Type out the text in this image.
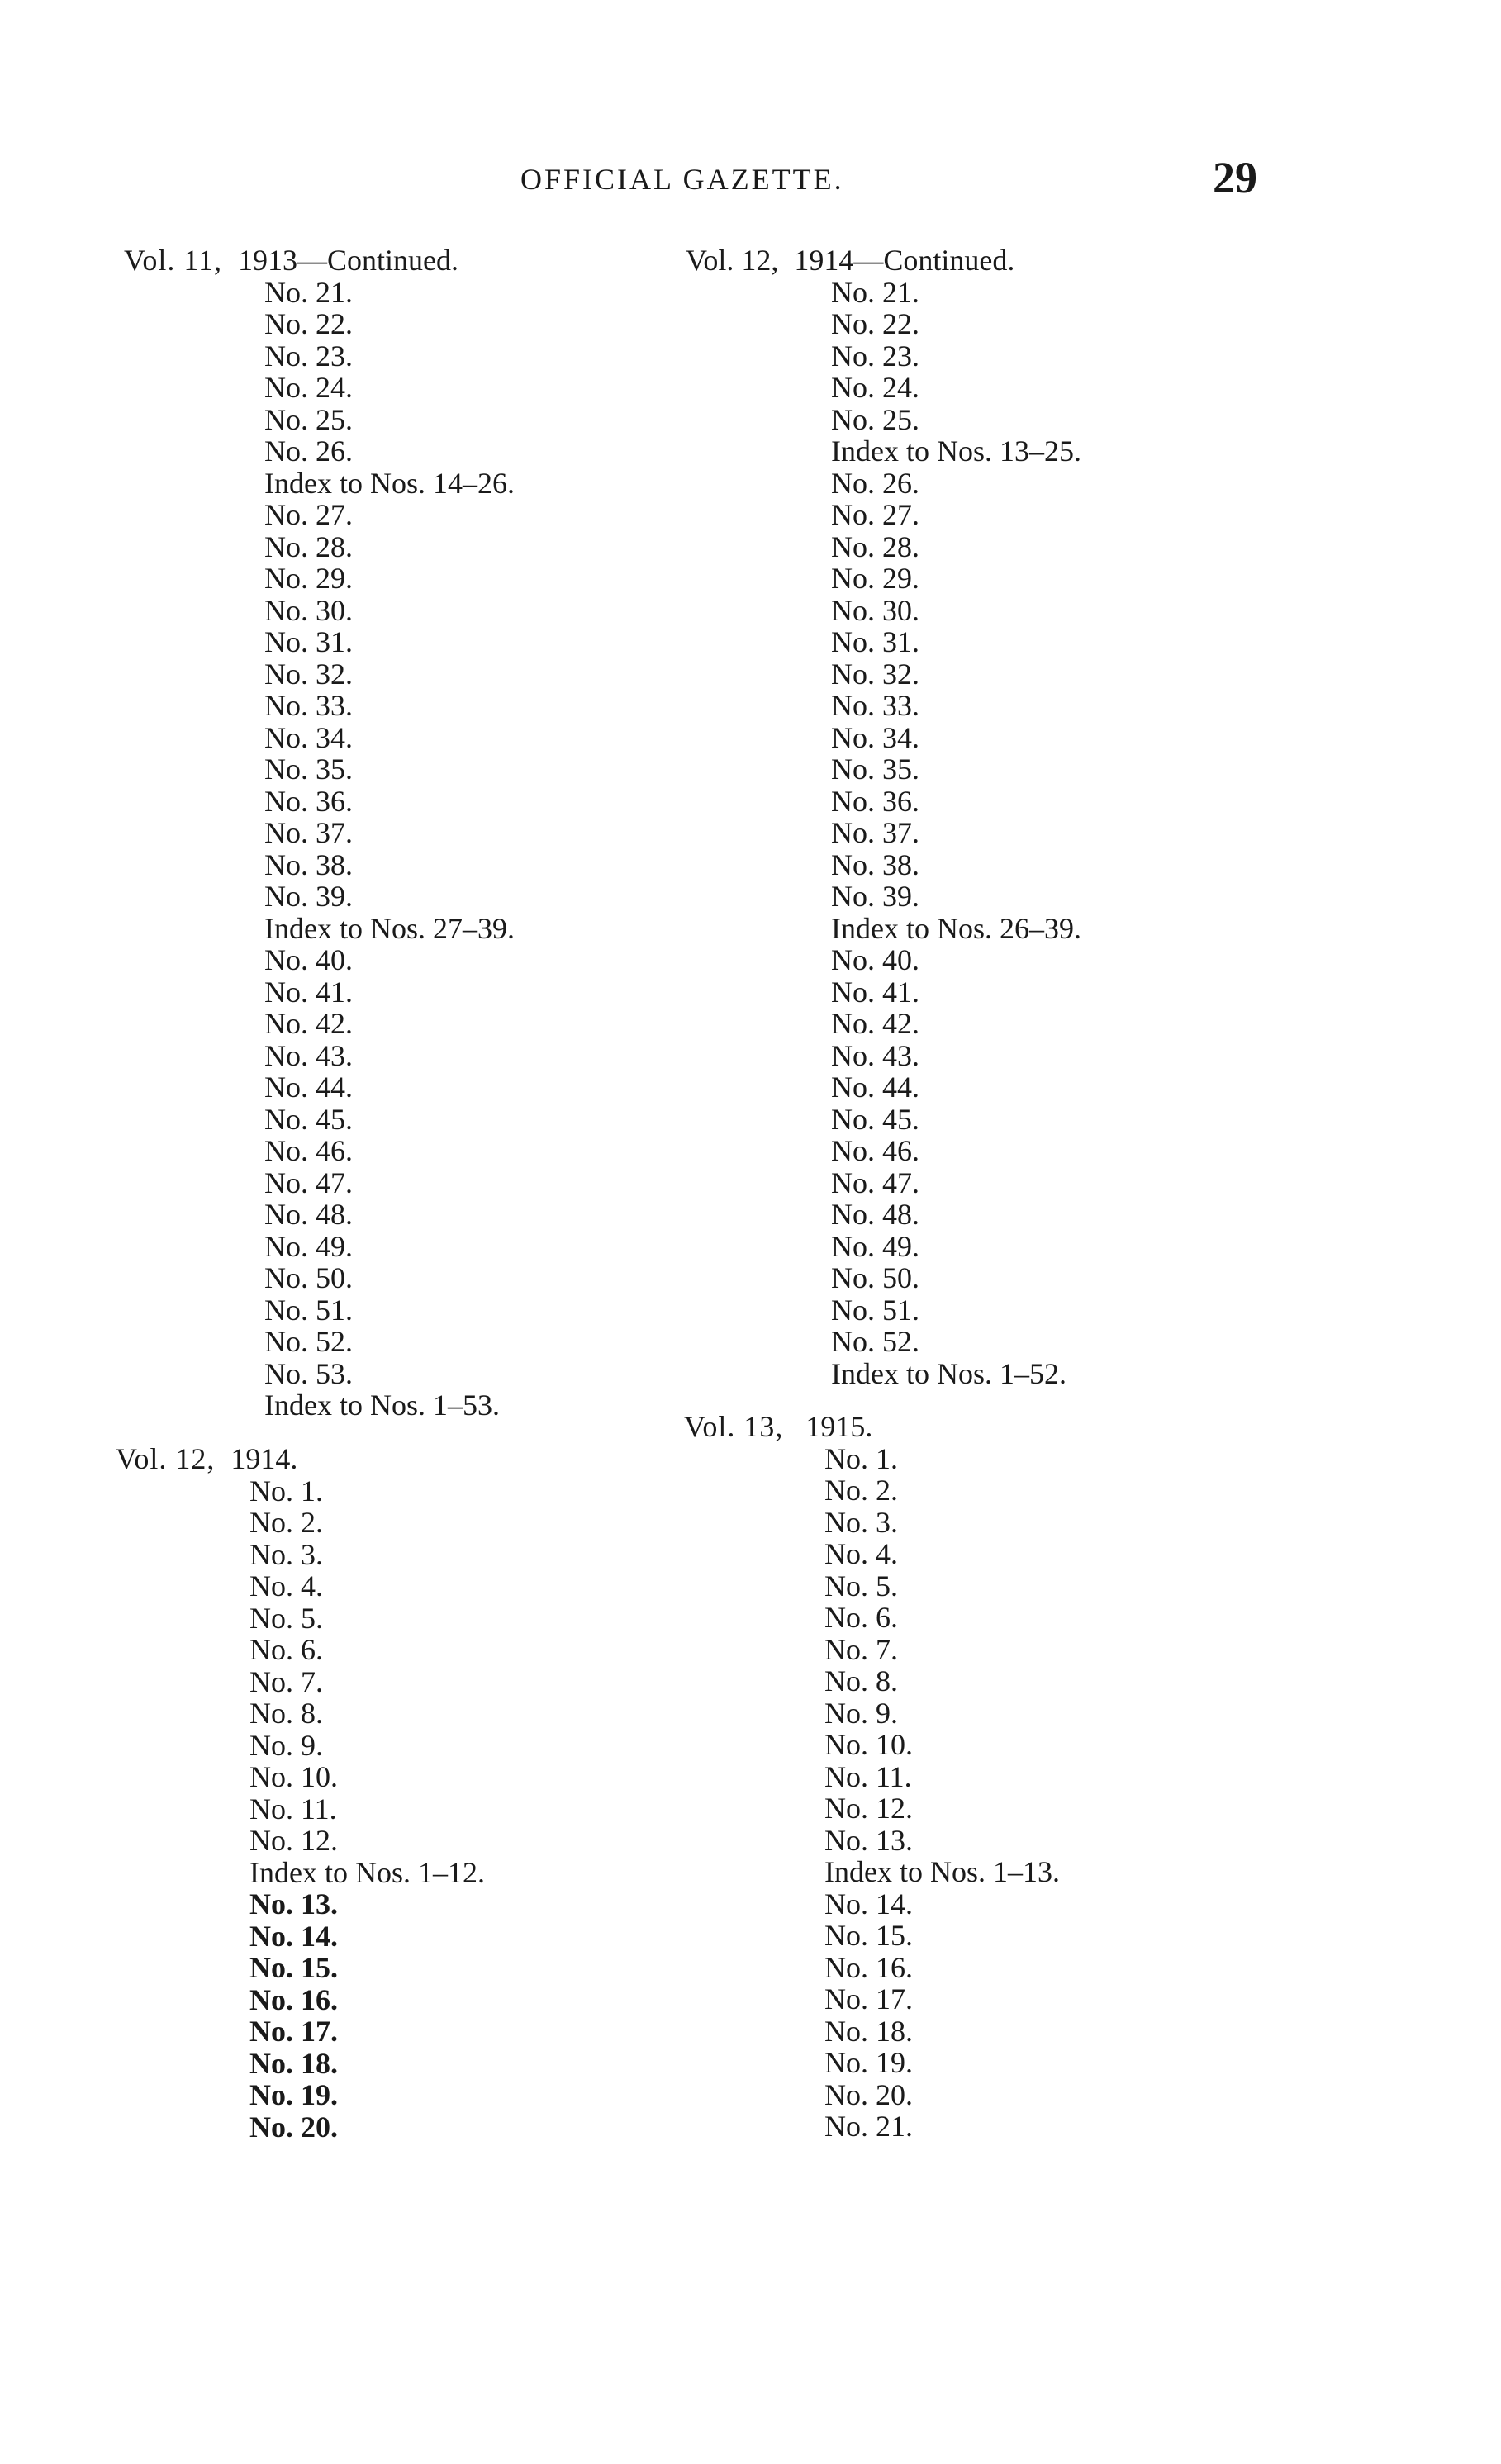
OFFICIAL GAZETTE.	29
Vol. 11, 1913—Continued.
No. 21.
No. 22.
No. 23.
No. 24.
No. 25.
No. 26.
Index to Nos. 14–26.
No. 27.
No. 28.
No. 29.
No. 30.
No. 31.
No. 32.
No. 33.
No. 34.
No. 35.
No. 36.
No. 37.
No. 38.
No. 39.
Index to Nos. 27–39.
No. 40.
No. 41.
No. 42.
No. 43.
No. 44.
No. 45.
No. 46.
No. 47.
No. 48.
No. 49.
No. 50.
No. 51.
No. 52.
No. 53.
Index to Nos. 1–53.
Vol. 12, 1914.
No. 1.
No. 2.
No. 3.
No. 4.
No. 5.
No. 6.
No. 7.
No. 8.
No. 9.
No. 10.
No. 11.
No. 12.
Index to Nos. 1–12.
No. 13.
No. 14.
No. 15.
No. 16.
No. 17.
No. 18.
No. 19.
No. 20.
Vol. 12, 1914—Continued.
No. 21.
No. 22.
No. 23.
No. 24.
No. 25.
Index to Nos. 13–25.
No. 26.
No. 27.
No. 28.
No. 29.
No. 30.
No. 31.
No. 32.
No. 33.
No. 34.
No. 35.
No. 36.
No. 37.
No. 38.
No. 39.
Index to Nos. 26–39.
No. 40.
No. 41.
No. 42.
No. 43.
No. 44.
No. 45.
No. 46.
No. 47.
No. 48.
No. 49.
No. 50.
No. 51.
No. 52.
Index to Nos. 1–52.
Vol. 13, 1915.
No. 1.
No. 2.
No. 3.
No. 4.
No. 5.
No. 6.
No. 7.
No. 8.
No. 9.
No. 10.
No. 11.
No. 12.
No. 13.
Index to Nos. 1–13.
No. 14.
No. 15.
No. 16.
No. 17.
No. 18.
No. 19.
No. 20.
No. 21.
